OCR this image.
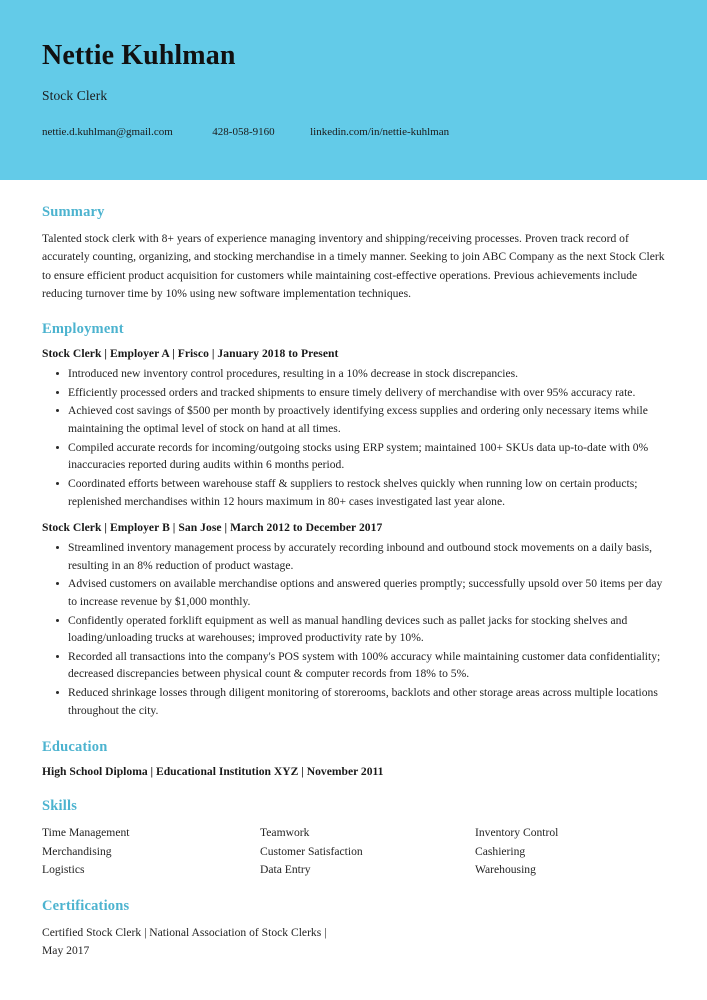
Nettie Kuhlman
Stock Clerk
nettie.d.kuhlman@gmail.com	428-058-9160	linkedin.com/in/nettie-kuhlman
Summary

Talented stock clerk with 8+ years of experience managing inventory and shipping/receiving processes. Proven track record of accurately counting, organizing, and stocking merchandise in a timely manner. Seeking to join ABC Company as the next Stock Clerk to ensure efficient product acquisition for customers while maintaining cost-effective operations. Previous achievements include reducing turnover time by 10% using new software implementation techniques.

Employment
Stock Clerk | Employer A | Frisco | January 2018 to Present
Introduced new inventory control procedures, resulting in a 10% decrease in stock discrepancies.
Efficiently processed orders and tracked shipments to ensure timely delivery of merchandise with over 95% accuracy rate.
Achieved cost savings of $500 per month by proactively identifying excess supplies and ordering only necessary items while maintaining the optimal level of stock on hand at all times.
Compiled accurate records for incoming/outgoing stocks using ERP system; maintained 100+ SKUs data up-to-date with 0% inaccuracies reported during audits within 6 months period.
Coordinated efforts between warehouse staff & suppliers to restock shelves quickly when running low on certain products; replenished merchandises within 12 hours maximum in 80+ cases investigated last year alone.
Stock Clerk | Employer B | San Jose | March 2012 to December 2017
Streamlined inventory management process by accurately recording inbound and outbound stock movements on a daily basis, resulting in an 8% reduction of product wastage.
Advised customers on available merchandise options and answered queries promptly; successfully upsold over 50 items per day to increase revenue by $1,000 monthly.
Confidently operated forklift equipment as well as manual handling devices such as pallet jacks for stocking shelves and loading/unloading trucks at warehouses; improved productivity rate by 10%.
Recorded all transactions into the company's POS system with 100% accuracy while maintaining customer data confidentiality; decreased discrepancies between physical count & computer records from 18% to 5%.
Reduced shrinkage losses through diligent monitoring of storerooms, backlots and other storage areas across multiple locations throughout the city.
Education

High School Diploma | Educational Institution XYZ | November 2011

Skills
Time Management	Teamwork	Inventory Control
Merchandising	Customer Satisfaction	Cashiering
Logistics	Data Entry	Warehousing
Certifications

Certified Stock Clerk | National Association of Stock Clerks | May 2017
